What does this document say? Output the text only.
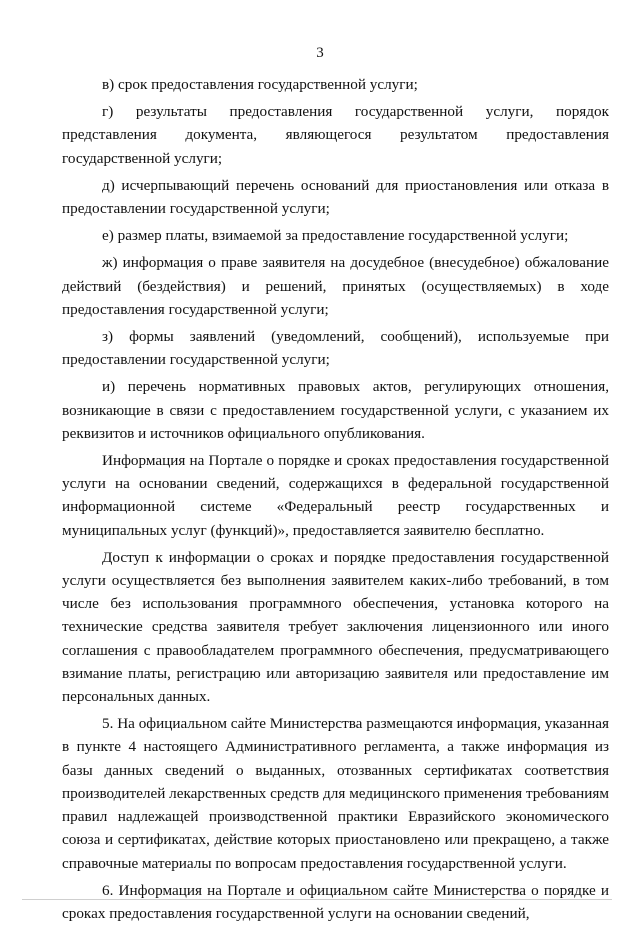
3

в) срок предоставления государственной услуги;

г) результаты предоставления государственной услуги, порядок представления документа, являющегося результатом предоставления государственной услуги;

д) исчерпывающий перечень оснований для приостановления или отказа в предоставлении государственной услуги;

е) размер платы, взимаемой за предоставление государственной услуги;

ж) информация о праве заявителя на досудебное (внесудебное) обжалование действий (бездействия) и решений, принятых (осуществляемых) в ходе предоставления государственной услуги;

з) формы заявлений (уведомлений, сообщений), используемые при предоставлении государственной услуги;

и) перечень нормативных правовых актов, регулирующих отношения, возникающие в связи с предоставлением государственной услуги, с указанием их реквизитов и источников официального опубликования.

Информация на Портале о порядке и сроках предоставления государственной услуги на основании сведений, содержащихся в федеральной государственной информационной системе «Федеральный реестр государственных и муниципальных услуг (функций)», предоставляется заявителю бесплатно.

Доступ к информации о сроках и порядке предоставления государственной услуги осуществляется без выполнения заявителем каких-либо требований, в том числе без использования программного обеспечения, установка которого на технические средства заявителя требует заключения лицензионного или иного соглашения с правообладателем программного обеспечения, предусматривающего взимание платы, регистрацию или авторизацию заявителя или предоставление им персональных данных.

5. На официальном сайте Министерства размещаются информация, указанная в пункте 4 настоящего Административного регламента, а также информация из базы данных сведений о выданных, отозванных сертификатах соответствия производителей лекарственных средств для медицинского применения требованиям правил надлежащей производственной практики Евразийского экономического союза и сертификатах, действие которых приостановлено или прекращено, а также справочные материалы по вопросам предоставления государственной услуги.

6. Информация на Портале и официальном сайте Министерства о порядке и сроках предоставления государственной услуги на основании сведений,
